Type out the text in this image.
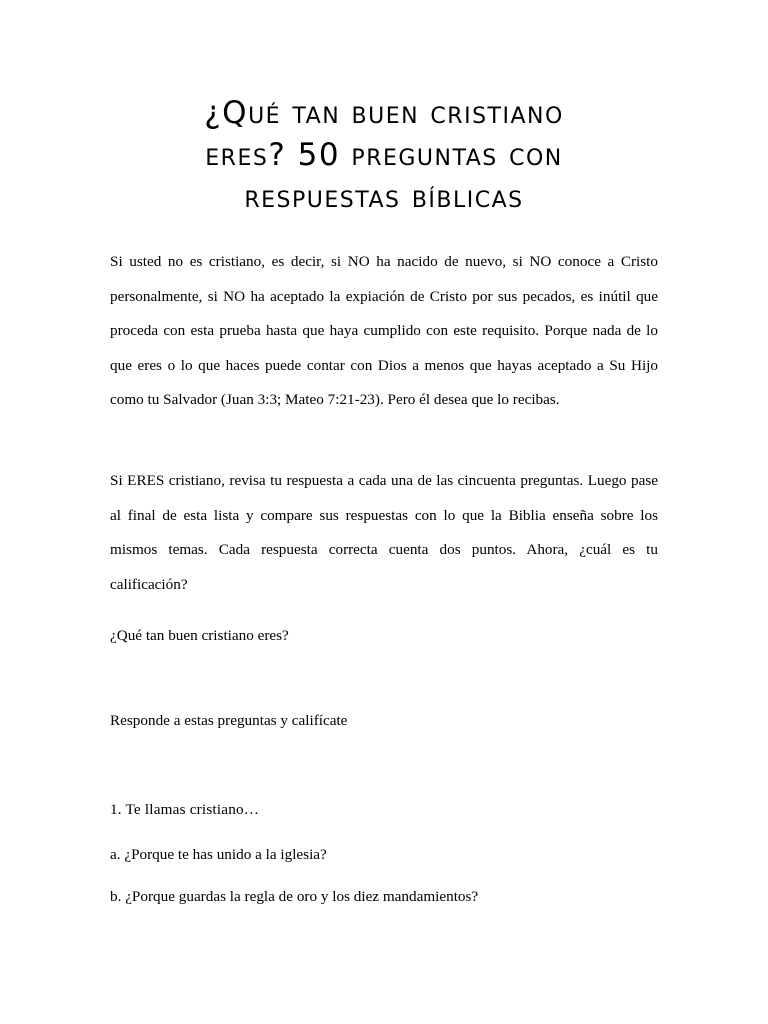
¿Qué tan buen cristiano
eres? 50 preguntas con
respuestas bíblicas

Si usted no es cristiano, es decir, si NO ha nacido de nuevo, si NO conoce a Cristo personalmente, si NO ha aceptado la expiación de Cristo por sus pecados, es inútil que proceda con esta prueba hasta que haya cumplido con este requisito. Porque nada de lo que eres o lo que haces puede contar con Dios a menos que hayas aceptado a Su Hijo como tu Salvador (Juan 3:3; Mateo 7:21-23). Pero él desea que lo recibas.

Si ERES cristiano, revisa tu respuesta a cada una de las cincuenta preguntas. Luego pase al final de esta lista y compare sus respuestas con lo que la Biblia enseña sobre los mismos temas. Cada respuesta correcta cuenta dos puntos. Ahora, ¿cuál es tu calificación?

¿Qué tan buen cristiano eres?

Responde a estas preguntas y califícate

1. Te llamas cristiano…

a. ¿Porque te has unido a la iglesia?

b. ¿Porque guardas la regla de oro y los diez mandamientos?
